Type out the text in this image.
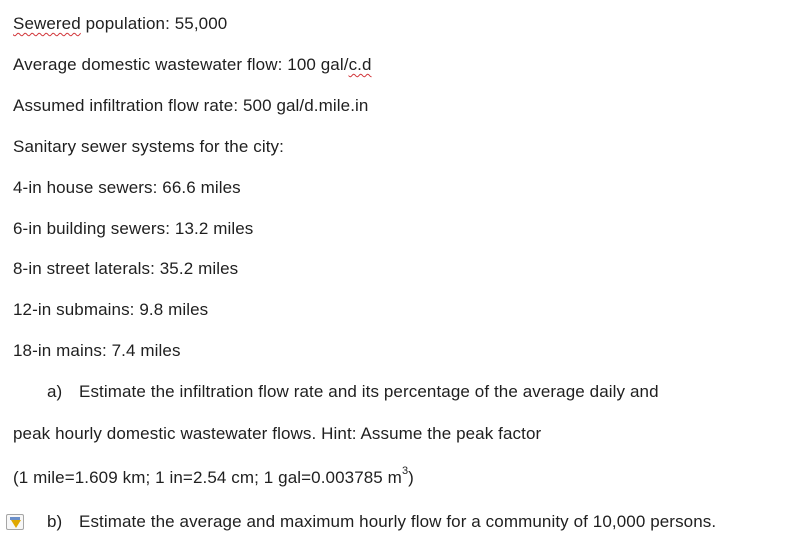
Sewered population: 55,000
Average domestic wastewater flow: 100 gal/c.d
Assumed infiltration flow rate: 500 gal/d.mile.in
Sanitary sewer systems for the city:
4-in house sewers: 66.6 miles
6-in building sewers: 13.2 miles
8-in street laterals: 35.2 miles
12-in submains: 9.8 miles
18-in mains: 7.4 miles
a) Estimate the infiltration flow rate and its percentage of the average daily and
peak hourly domestic wastewater flows. Hint: Assume the peak factor
(1 mile=1.609 km; 1 in=2.54 cm; 1 gal=0.003785 $m^3$)
b) Estimate the average and maximum hourly flow for a community of 10,000 persons.
